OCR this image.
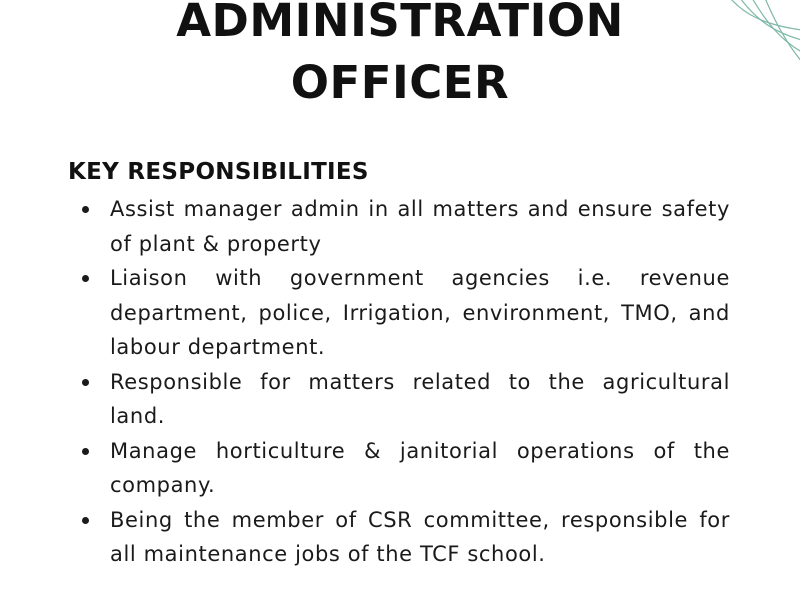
ADMINISTRATION
OFFICER
KEY RESPONSIBILITIES
Assist manager admin in all matters and ensure safety of plant & property
Liaison with government agencies i.e. revenue department, police, Irrigation, environment, TMO, and labour department.
Responsible for matters related to the agricultural land.
Manage horticulture & janitorial operations of the company.
Being the member of CSR committee, responsible for all maintenance jobs of the TCF school.
